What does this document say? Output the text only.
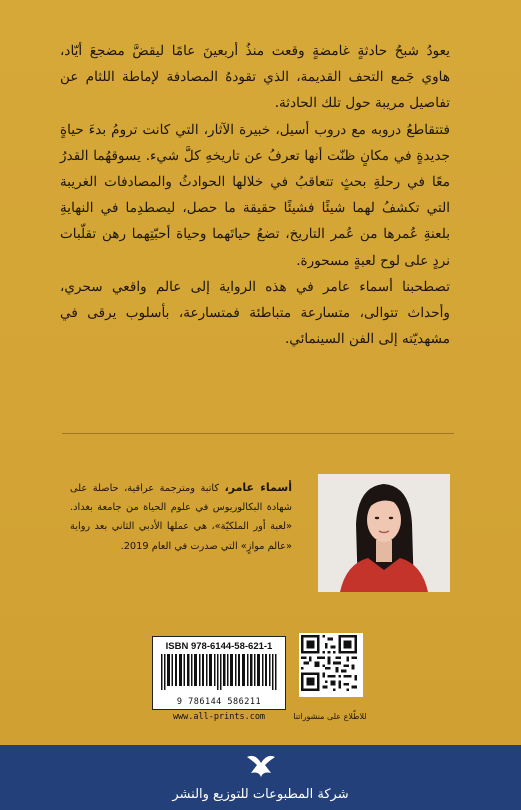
يعودُ شبحُ حادثةٍ غامضةٍ وقعت منذُ أربعينَ عامًا ليقضَّ مضجعَ أيّاد، هاوي جَمع التحف القديمة، الذي تقودهُ المصادفة لإماطة اللثام عن تفاصيل مريبة حول تلك الحادثة.

فتتقاطعُ دروبه مع دروب أسيل، خبيرة الآثار، التي كانت ترومُ بدءَ حياةٍ جديدةٍ في مكانٍ ظنّت أنها تعرفُ عن تاريخهِ كلَّ شيء. يسوقهُما القدرُ معًا في رحلةِ بحثٍ تتعاقبُ في خلالها الحوادثُ والمصادفات الغريبة التي تكشفُ لهما شيئًا فشيئًا حقيقة ما حصل، ليصطدِما في النهايةِ بلعنةِ عُمرها من عُمر التاريخ، تضعُ حياتَهما وحياة أحبّتِهما رهن تقلّبات نردٍ على لوح لعبةٍ مسحورة.

تصطحبنا أسماء عامر في هذه الرواية إلى عالم واقعي سحري، وأحداث تتوالى، متسارعة متباطئة فمتسارعة، بأسلوب يرقى في مشهديّته إلى الفن السينمائي.

أسماء عامر، كاتبة ومترجمة عراقية، حاصلة على شهادة البكالوريوس في علوم الحياة من جامعة بغداد. «لعبة أور الملكيّة»، هي عملها الأدبي الثاني بعد رواية «عالم موازٍ» التي صدرت في العام 2019.
ISBN 978-6144-58-621-1
9 786144 586211
www.all-prints.com	للاطّلاع على منشوراتنا
شركة المطبوعات للتوزيع والنشر
